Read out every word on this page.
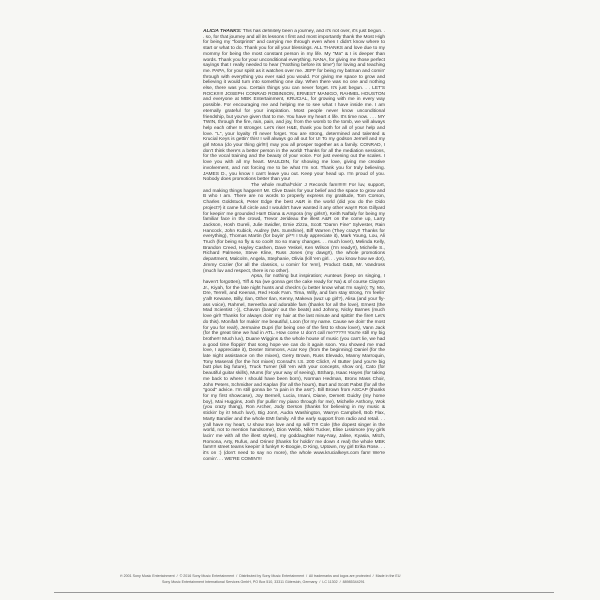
ALICIA THANKS: This has definitely been a journey, and it's not over, it's just begun. . . so, for that journey and all its lessons I first and most importantly thank the Most High for being my "footprints" and carrying me through even when I didn't know where to start or what to do. Thank you for all your blessings. ALL THANKS and love due to my mommy for being the most constant person in my life. My "Ma" & I is deeper than words. Thank you for your unconditional everything. NANA, for giving me those perfect sayings that I really needed to hear ("Nothing before its time") for loving and teaching me. PAPA, for your spirit as it watches over me. JEFF for being my batman and comin' through with everything you ever said you would. For giving me space to grow and believing it would turn into something one day. When there was no one and nothing else, there was you. Certain things you can never forget. It's just begun. . . LET'S ROCK!!!!! JOSEPH CONRAD ROBINSON, ERNEST MANIGO, RAHMEL HOUSTON and everyone at MBK Entertainment, KRUCIAL, for growing with me in every way possible. For encouraging me and helping me to see what I have inside me. I am eternally grateful for your inspiration. Most people never know unconditional friendship, but you've given that to me. You have my heart 4 life. It's time now. . . . MY TWIN, through the fire, rain, pain, and joy, from the womb to the tomb, we will always help each other 8 stronger. Let's rise! H&E, thank you both for all of your help and love. "L", your loyalty I'll never forget. You are strong, determined and talented & Krucial Keys is gettin' this! I will always go all out for U! To my godson Jernell and my girl Mona (do your thing girl!!!) may you all prosper together as a family. CONRAD, I don't think there's a better person in the world! Thanks for all the mediation sessions, for the vocal training and the beauty of your voice. For just evening out the scales. I love you with all my heart. MAULDIN, for showing me love, giving me creative involvement, and not forcing me to be what I'm not. Thank you for truly believing. JAMES D., you know I can't leave you out. Keep your head up. I'm proud of you. Nobody does promotions better than you!

The whole muthaf*ckin' J Records fam!!!!!!! For luv, support, and making things happen!! Mr. Clive Davis for your belief and the space to grow and B who I am. There are no words to properly express my gratitude, Tom Corson, Charles Goldstuck, Peter Edge the best A&R in the world (did you do the Dido project?) it came full circle and I wouldn't have wanted it any other way!!! Ron Gillyard for keepin' me grounded Ha!!! Diana & Ampora (my girls!!), Keith Naftaly for being my familiar face in the crowd, Trevor Jerideau the illest A&R on the come up, Larry Jackson, Hosh Gureli, Julie Swidler, Ernie Zizza, Scott "Damn Fine" Sylvester, Rain Hancock, John Kubick, Audrey (Ms. Sunshine), Biff Warren (They crazy!! Thanks for everything), Thomas Martin (for buyin' pi**! I truly appreciate it), Mark Young, Lou, Ali Truch (for being so fly & so cool!! So so many changes. . . much love!), Melinda Kelly, Brandon Creed, Hayley Cashen, Dave Yeskel, Ken Wilson (I'm ready!!), Michelle S., Richard Palmese, Steve Kline, Russ Jones (my dawg!!), the whole promotions department, Malcolm, Angela, Stephanie, Olivia (kill 'em girl. . . you know how we do!), Jimmy Cozier (for all the classics, u comin' for 'em!), Product G&B, Mr. Vandross (much luv and respect, there is no other).

Apsa, for nothing but inspiration; Aunteus (keep on singing, I haven't forgotten), Tiff & Na (we gonna get the cake ready for Na) & of course Clayton Jr., Kiyah, for the late night hunts and check's (u better know what I'm sayin); Ty, Mo, Dre, Terrell, and Keenan, Red Hook Fam. Tima, Willy, and fam stay strong, I'm feelin' y'all! Kewane, Billy, Ilan, Other Ilan, Kenny, Makeva (wuz up girl?), Alisa (and your fly-ass voice), Rahmel, Sereetha and adorable fam (thanks for all the love), Ernest (the Mad Scientist :-)), Chavon (bangin' out the beats) and Johnny, Nicky Barnes (much love girl! Thanks for always doin' my hair at the last minute and spittin' the fire!! Let's do this). Monifah for makin' me beautiful, Loon (for my name. Cause we doin' the most for you for real!), Jermaine Dupri (for being one of the first to show love!), Vann Jack (for the great time we had in ATL. How come U don't call me????!! You're still my big brother!! Much luv), Duane Wiggins & the whole house of music (you can't lie, we had a good time floppin' that song hope we can do it again soon. You showed me mad love, I appreciate it), Dexter Simmons, Acar Key (from the beginning) Daniel (for the late night assistance on the mixes), Gerry Brown, Russ Elevado, Manny Marroquin, Tony Maserati (for the hot mixes) Conrad's I.S. 200 Click!!, Al Butter (and you're big butt plus big future), Truck Turner (kill 'em with your concepts, show on), Cato (for beautiful guitar skills), Mums (for your way of seeing), BSharp, Isaac Hayes (for taking me back to where I should have been born), Norman Hedman, Bronx Mass Choir, John Peters, Schmidter and Kaplan (for all the hours), Burt and Scott Pabst (for all the "good" advice. I'm still gonna be "a pain in the ass"). Bill Brown from ASCAP (thanks for my first showcase), Joy Bernell, Lucia, Imani, Diane, Demett Guidry (my home boy), Mai Huggins, Josh (for pullin' my piano through for me), Michelle Anthony, Wok (you crazy thang), Ron Archer, Jody Gerson (thanks for believing in my music & stickin' by it! Much luv!), Big Jon!!, Audra Washington, Warryn Campbell, Bob Flax, Marty Bandier and the whole EMI family. All the early support from radio and retail. . . y'all have my heart, U show true love and sp will T!!! Cole (the dopest singer in the world, not to mention handsome), Dion Webb, Nikki Tucker, Elise Lissimore (my girls lacin' me with all the illest styles), my goddaughter Nay-Nay, Jalise, Kyasia, Mitch, Romona, Arty, Rufus, and Orinez (thanks for holdin' me down 4 real) the whole MBK fam!!!! street teams keepin' it funky!! K-Boogie, D King, Uptown, my girl Erika Rose. . . it's on :) (don't need to say no more), the whole www.krucialkeys.com fam! We're comin'. . . WE'RE COMIN'!!!

℗ 2001 Sony Music Entertainment / © 2016 Sony Music Entertainment / Distributed by Sony Music Entertainment / All trademarks and logos are protected / Made in the EU
Sony Music Entertainment International Services GmbH, PO Box 510, 33311 Gütersloh, Germany / LC 11302 / 88985344291
